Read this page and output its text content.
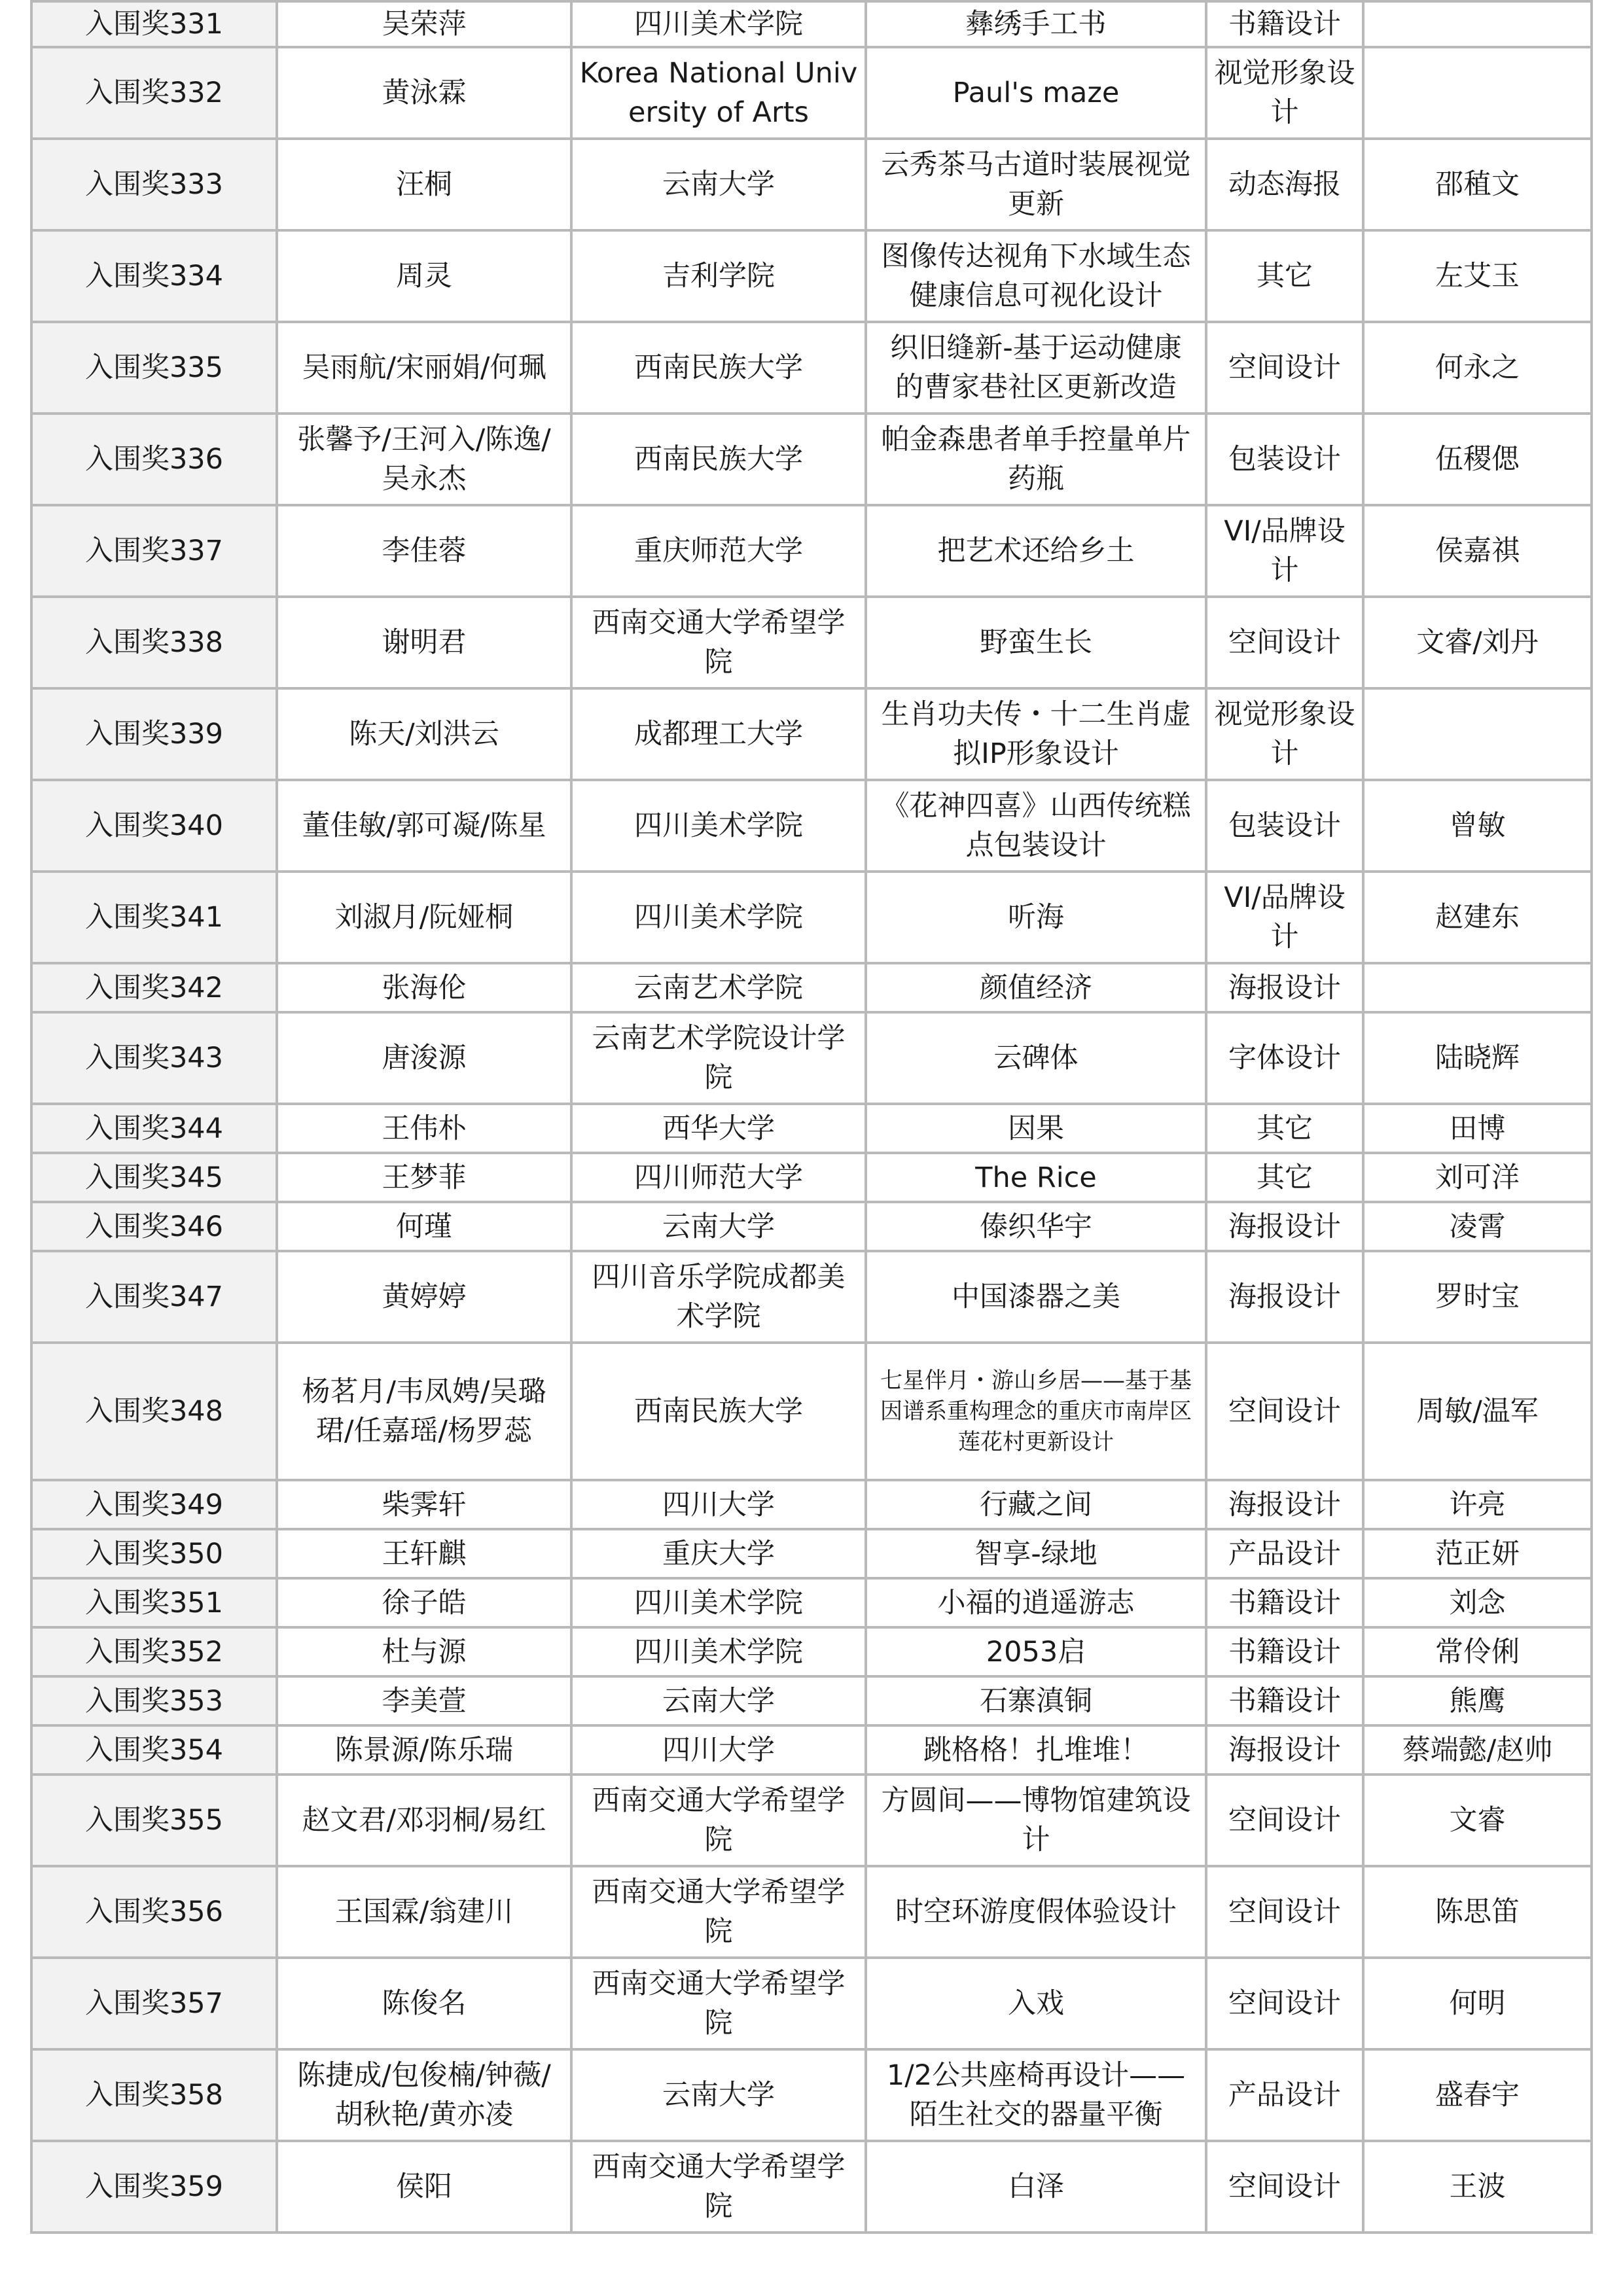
入围奖331	吴荣萍	四川美术学院	彝绣手工书	书籍设计	
入围奖332	黄泳霖	Korea National University of Arts	Paul's maze	视觉形象设计	
入围奖333	汪桐	云南大学	云秀茶马古道时装展视觉更新	动态海报	邵稙文
入围奖334	周灵	吉利学院	图像传达视角下水域生态健康信息可视化设计	其它	左艾玉
入围奖335	吴雨航/宋丽娟/何珮	西南民族大学	织旧缝新-基于运动健康的曹家巷社区更新改造	空间设计	何永之
入围奖336	张馨予/王河入/陈逸/吴永杰	西南民族大学	帕金森患者单手控量单片药瓶	包装设计	伍稷偲
入围奖337	李佳蓉	重庆师范大学	把艺术还给乡土	VI/品牌设计	侯嘉祺
入围奖338	谢明君	西南交通大学希望学院	野蛮生长	空间设计	文睿/刘丹
入围奖339	陈天/刘洪云	成都理工大学	生肖功夫传・十二生肖虚拟IP形象设计	视觉形象设计	
入围奖340	董佳敏/郭可凝/陈星	四川美术学院	《花神四喜》山西传统糕点包装设计	包装设计	曾敏
入围奖341	刘淑月/阮娅桐	四川美术学院	听海	VI/品牌设计	赵建东
入围奖342	张海伦	云南艺术学院	颜值经济	海报设计	
入围奖343	唐浚源	云南艺术学院设计学院	云碑体	字体设计	陆晓辉
入围奖344	王伟朴	西华大学	因果	其它	田博
入围奖345	王梦菲	四川师范大学	The Rice	其它	刘可洋
入围奖346	何瑾	云南大学	傣织华宇	海报设计	凌霄
入围奖347	黄婷婷	四川音乐学院成都美术学院	中国漆器之美	海报设计	罗时宝
入围奖348	杨茗月/韦凤娉/吴璐珺/任嘉瑶/杨罗蕊	西南民族大学	七星伴月・游山乡居——基于基因谱系重构理念的重庆市南岸区莲花村更新设计	空间设计	周敏/温军
入围奖349	柴霁轩	四川大学	行藏之间	海报设计	许亮
入围奖350	王轩麒	重庆大学	智享-绿地	产品设计	范正妍
入围奖351	徐子皓	四川美术学院	小福的逍遥游志	书籍设计	刘念
入围奖352	杜与源	四川美术学院	2053启	书籍设计	常伶俐
入围奖353	李美萱	云南大学	石寨滇铜	书籍设计	熊鹰
入围奖354	陈景源/陈乐瑞	四川大学	跳格格！扎堆堆！	海报设计	蔡端懿/赵帅
入围奖355	赵文君/邓羽桐/易红	西南交通大学希望学院	方圆间——博物馆建筑设计	空间设计	文睿
入围奖356	王国霖/翁建川	西南交通大学希望学院	时空环游度假体验设计	空间设计	陈思笛
入围奖357	陈俊名	西南交通大学希望学院	入戏	空间设计	何明
入围奖358	陈捷成/包俊楠/钟薇/胡秋艳/黄亦凌	云南大学	1/2公共座椅再设计——陌生社交的器量平衡	产品设计	盛春宇
入围奖359	侯阳	西南交通大学希望学院	白泽	空间设计	王波
